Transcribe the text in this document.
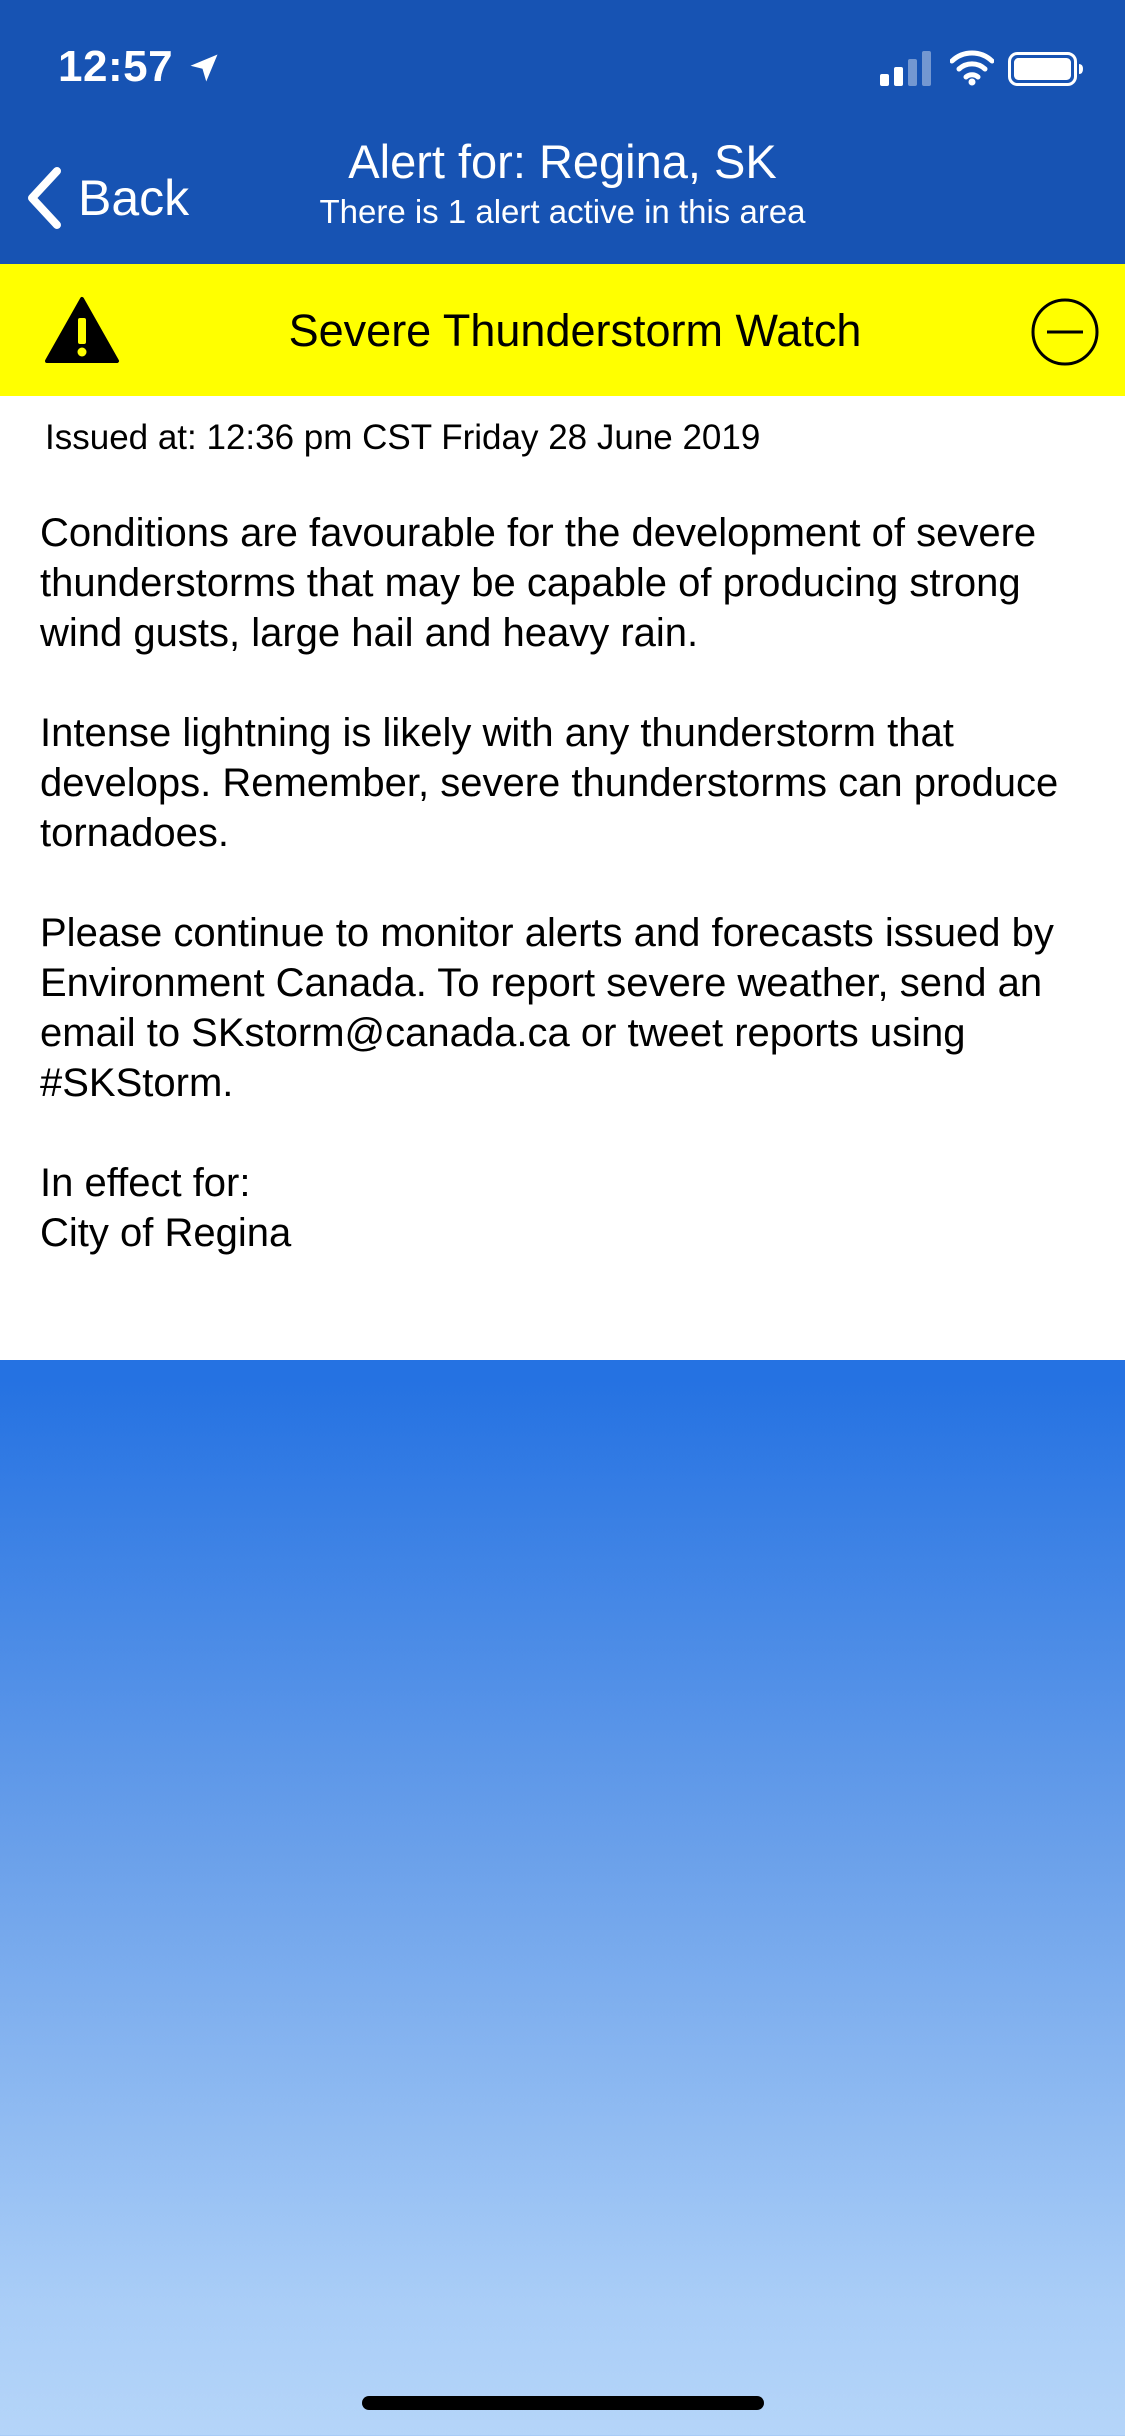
12:57
Back
Alert for: Regina, SK
There is 1 alert active in this area
Severe Thunderstorm Watch
Issued at: 12:36 pm CST Friday 28 June 2019
Conditions are favourable for the development of severe thunderstorms that may be capable of producing strong wind gusts, large hail and heavy rain.

Intense lightning is likely with any thunderstorm that develops. Remember, severe thunderstorms can produce tornadoes.

Please continue to monitor alerts and forecasts issued by Environment Canada. To report severe weather, send an email to SKstorm@canada.ca or tweet reports using #SKStorm.

In effect for:
City of Regina
